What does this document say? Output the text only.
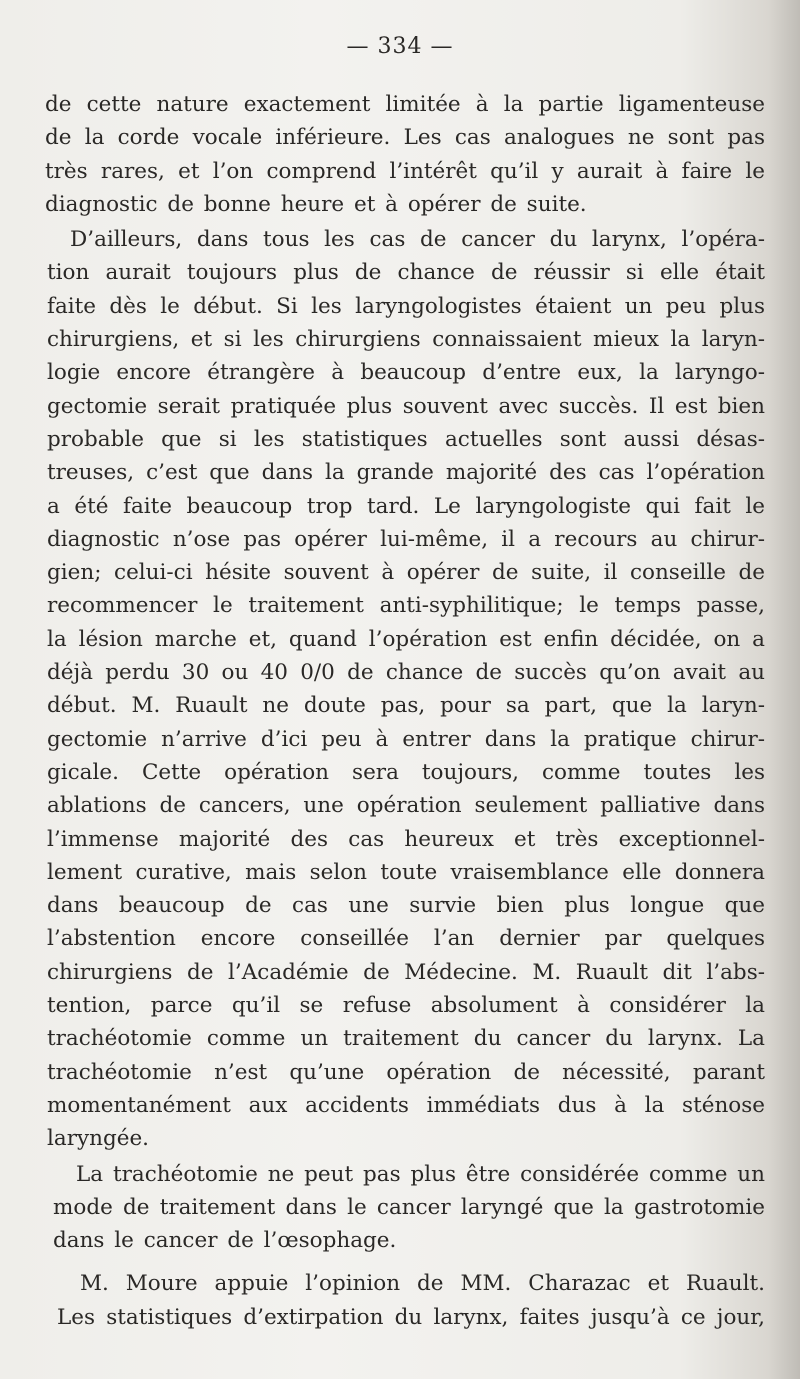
— 334 —
de cette nature exactement limitée à la partie ligamenteuse
de la corde vocale inférieure. Les cas analogues ne sont pas
très rares, et l’on comprend l’intérêt qu’il y aurait à faire le
diagnostic de bonne heure et à opérer de suite.
D’ailleurs, dans tous les cas de cancer du larynx, l’opéra-
tion aurait toujours plus de chance de réussir si elle était
faite dès le début. Si les laryngologistes étaient un peu plus
chirurgiens, et si les chirurgiens connaissaient mieux la laryn-
logie encore étrangère à beaucoup d’entre eux, la laryngo-
gectomie serait pratiquée plus souvent avec succès. Il est bien
probable que si les statistiques actuelles sont aussi désas-
treuses, c’est que dans la grande majorité des cas l’opération
a été faite beaucoup trop tard. Le laryngologiste qui fait le
diagnostic n’ose pas opérer lui-même, il a recours au chirur-
gien; celui-ci hésite souvent à opérer de suite, il conseille de
recommencer le traitement anti-syphilitique; le temps passe,
la lésion marche et, quand l’opération est enfin décidée, on a
déjà perdu 30 ou 40 0/0 de chance de succès qu’on avait au
début. M. Ruault ne doute pas, pour sa part, que la laryn-
gectomie n’arrive d’ici peu à entrer dans la pratique chirur-
gicale. Cette opération sera toujours, comme toutes les
ablations de cancers, une opération seulement palliative dans
l’immense majorité des cas heureux et très exceptionnel-
lement curative, mais selon toute vraisemblance elle donnera
dans beaucoup de cas une survie bien plus longue que
l’abstention encore conseillée l’an dernier par quelques
chirurgiens de l’Académie de Médecine. M. Ruault dit l’abs-
tention, parce qu’il se refuse absolument à considérer la
trachéotomie comme un traitement du cancer du larynx. La
trachéotomie n’est qu’une opération de nécessité, parant
momentanément aux accidents immédiats dus à la sténose
laryngée.
La trachéotomie ne peut pas plus être considérée comme un
mode de traitement dans le cancer laryngé que la gastrotomie
dans le cancer de l’œsophage.
M. Moure appuie l’opinion de MM. Charazac et Ruault.
Les statistiques d’extirpation du larynx, faites jusqu’à ce jour,
